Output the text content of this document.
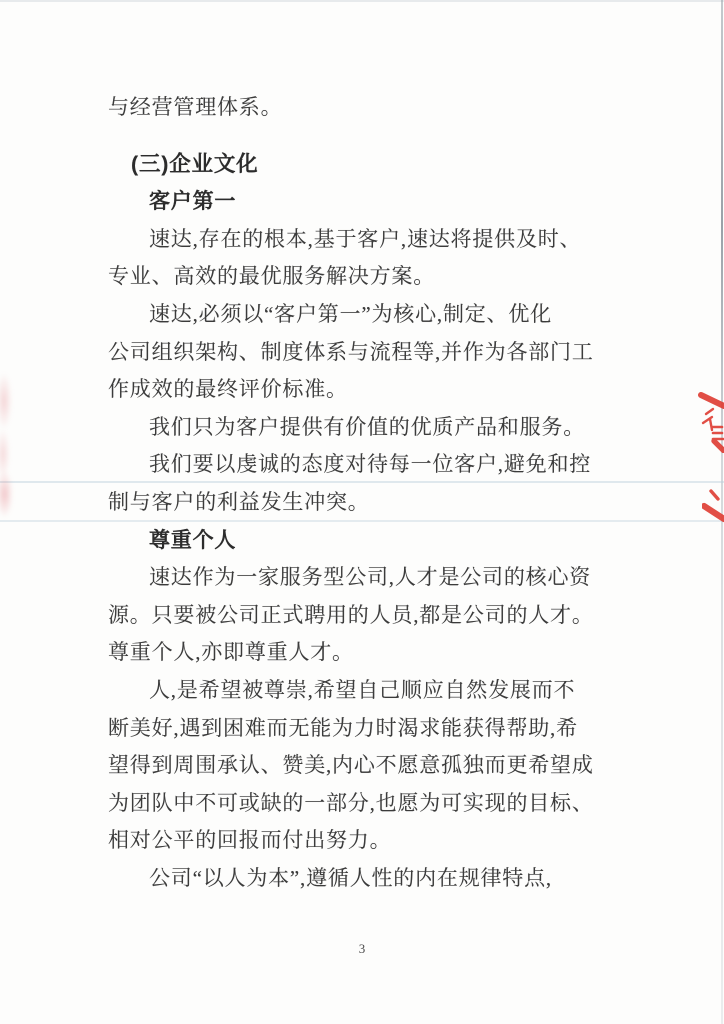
与经营管理体系。
(三)企业文化
客户第一
速达,存在的根本,基于客户,速达将提供及时、
专业、高效的最优服务解决方案。
速达,必须以“客户第一”为核心,制定、优化
公司组织架构、制度体系与流程等,并作为各部门工
作成效的最终评价标准。
我们只为客户提供有价值的优质产品和服务。
我们要以虔诚的态度对待每一位客户,避免和控
制与客户的利益发生冲突。
尊重个人
速达作为一家服务型公司,人才是公司的核心资
源。只要被公司正式聘用的人员,都是公司的人才。
尊重个人,亦即尊重人才。
人,是希望被尊崇,希望自己顺应自然发展而不
断美好,遇到困难而无能为力时渴求能获得帮助,希
望得到周围承认、赞美,内心不愿意孤独而更希望成
为团队中不可或缺的一部分,也愿为可实现的目标、
相对公平的回报而付出努力。
公司“以人为本”,遵循人性的内在规律特点,
3
